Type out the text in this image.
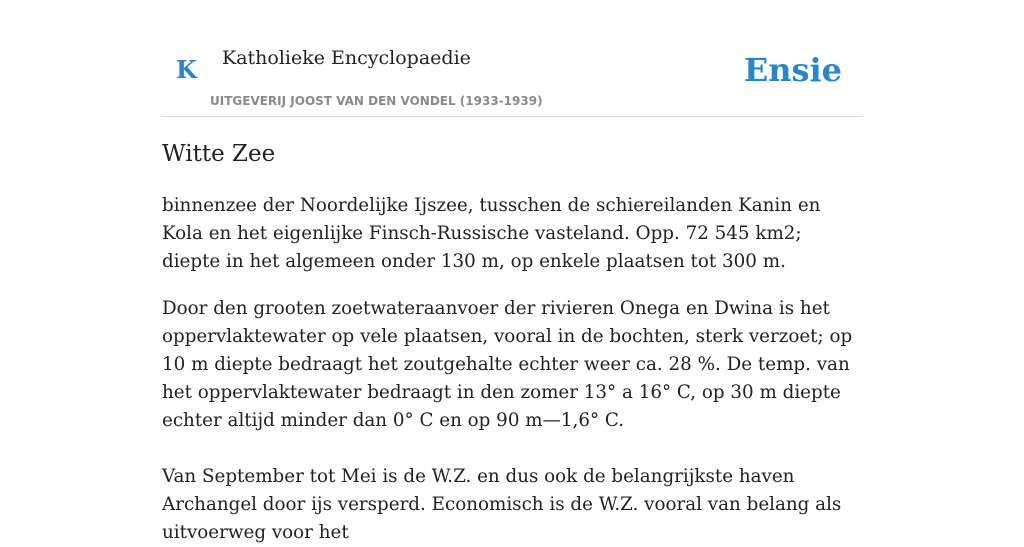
K Katholieke Encyclopaedie
UITGEVERIJ JOOST VAN DEN VONDEL (1933-1939)
Ensie
Witte Zee

binnenzee der Noordelijke Ijszee, tusschen de schiereilanden Kanin en Kola en het eigenlijke Finsch-Russische vasteland. Opp. 72 545 km2; diepte in het algemeen onder 130 m, op enkele plaatsen tot 300 m.

Door den grooten zoetwateraanvoer der rivieren Onega en Dwina is het oppervlaktewater op vele plaatsen, vooral in de bochten, sterk verzoet; op 10 m diepte bedraagt het zoutgehalte echter weer ca. 28 %. De temp. van het oppervlaktewater bedraagt in den zomer 13° a 16° C, op 30 m diepte echter altijd minder dan 0° C en op 90 m—1,6° C.

Van September tot Mei is de W.Z. en dus ook de belangrijkste haven Archangel door ijs versperd. Economisch is de W.Z. vooral van belang als uitvoerweg voor het
